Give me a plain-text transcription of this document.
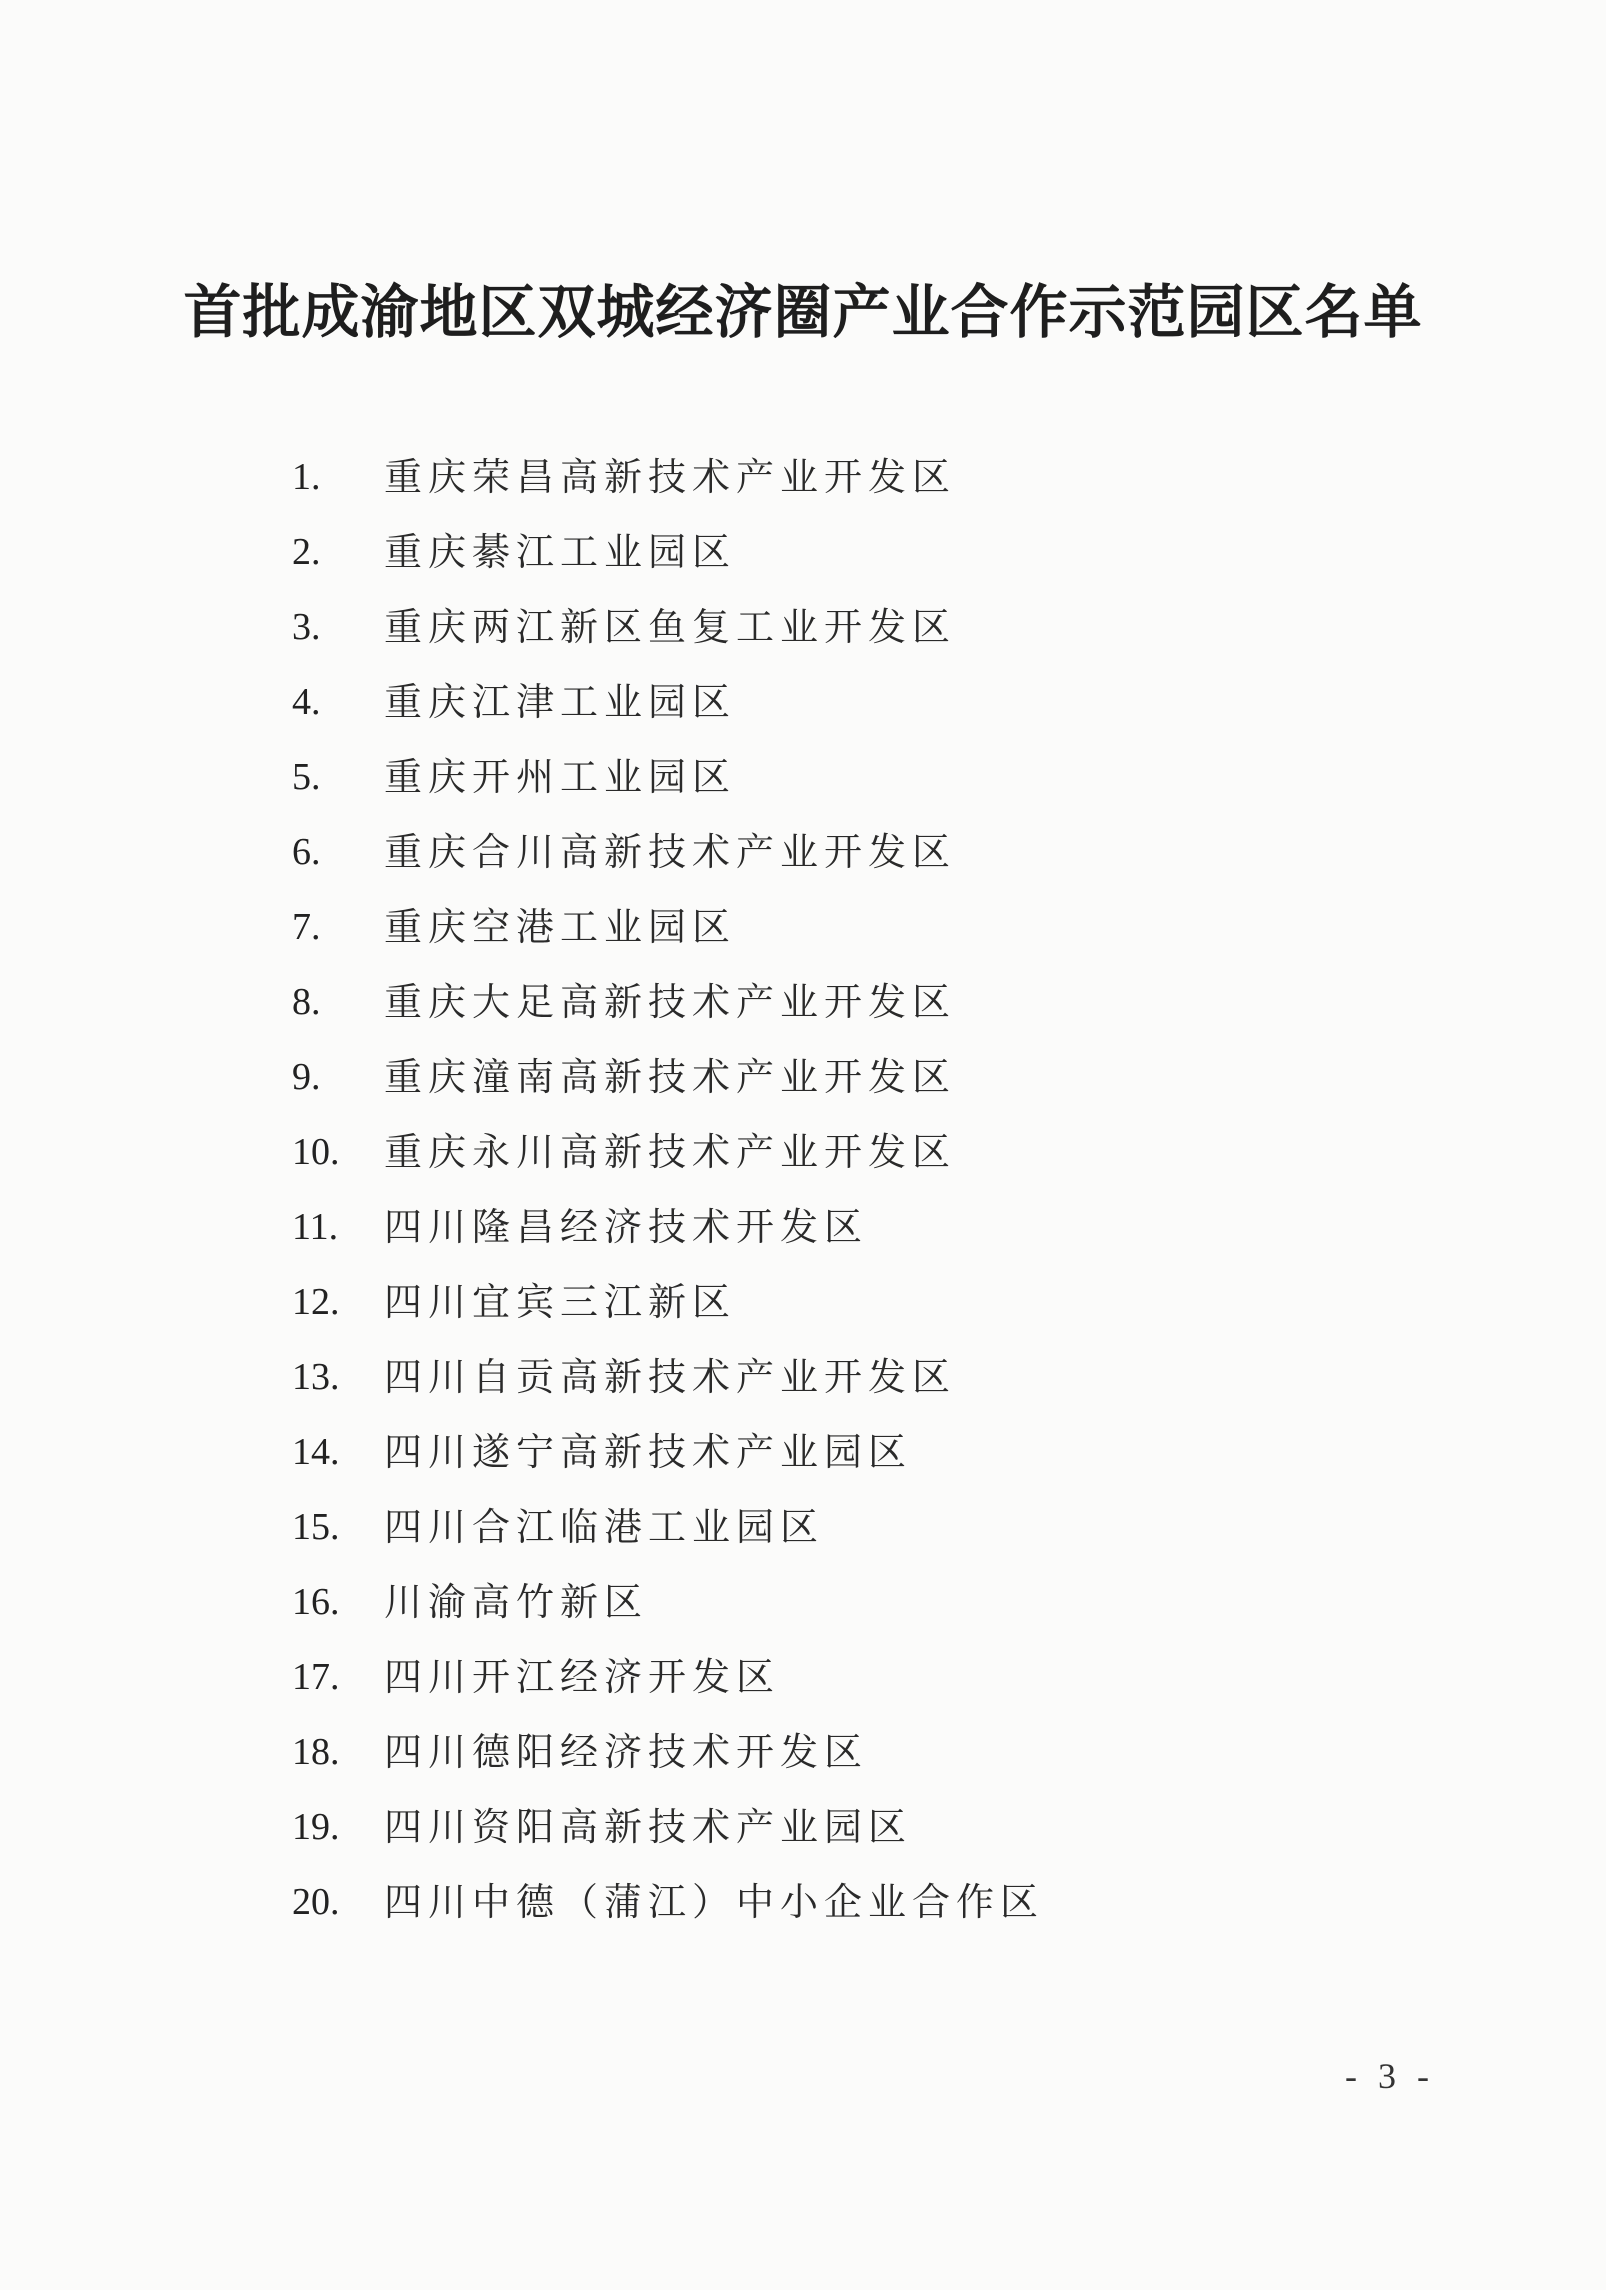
首批成渝地区双城经济圈产业合作示范园区名单
1.	重庆荣昌高新技术产业开发区
2.	重庆綦江工业园区
3.	重庆两江新区鱼复工业开发区
4.	重庆江津工业园区
5.	重庆开州工业园区
6.	重庆合川高新技术产业开发区
7.	重庆空港工业园区
8.	重庆大足高新技术产业开发区
9.	重庆潼南高新技术产业开发区
10.	重庆永川高新技术产业开发区
11.	四川隆昌经济技术开发区
12.	四川宜宾三江新区
13.	四川自贡高新技术产业开发区
14.	四川遂宁高新技术产业园区
15.	四川合江临港工业园区
16.	川渝高竹新区
17.	四川开江经济开发区
18.	四川德阳经济技术开发区
19.	四川资阳高新技术产业园区
20.	四川中德（蒲江）中小企业合作区
- 3 -
